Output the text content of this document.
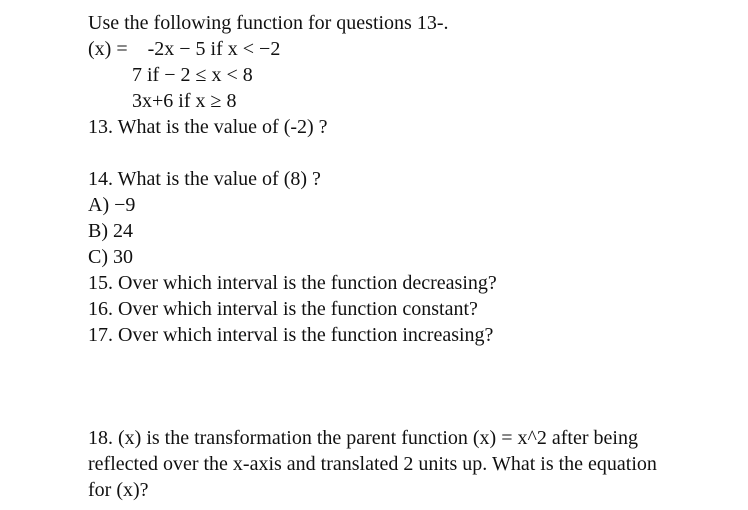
Use the following function for questions 13-.
(x) = -2x − 5 if x < −2
7 if − 2 ≤ x < 8
3x+6 if x ≥ 8
13. What is the value of (-2) ?
14. What is the value of (8) ?
A) −9
B) 24
C) 30
15. Over which interval is the function decreasing?
16. Over which interval is the function constant?
17. Over which interval is the function increasing?
18. (x) is the transformation the parent function (x) = x^2 after being reflected over the x-axis and translated 2 units up. What is the equation for (x)?
